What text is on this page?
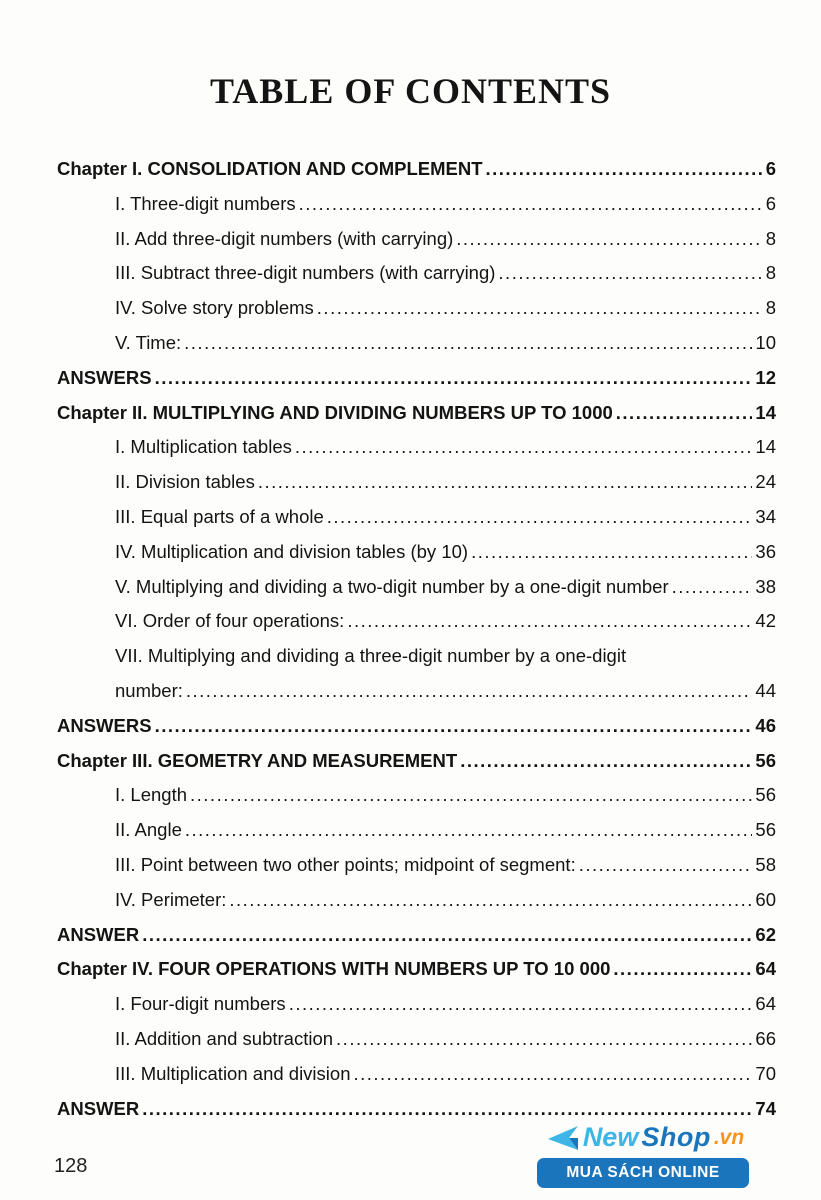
TABLE OF CONTENTS
Chapter I. CONSOLIDATION AND COMPLEMENT .....	6
I. Three-digit numbers .....	6
II. Add three-digit numbers (with carrying) .....	8
III. Subtract three-digit numbers (with carrying) .....	8
IV. Solve story problems .....	8
V. Time: .....	10
ANSWERS .....	12
Chapter II. MULTIPLYING AND DIVIDING NUMBERS UP TO 1000 .....	14
I. Multiplication tables .....	14
II. Division tables .....	24
III. Equal parts of a whole .....	34
IV. Multiplication and division tables (by 10) .....	36
V. Multiplying and dividing a two-digit number by a one-digit number .....	38
VI. Order of four operations: .....	42
VII. Multiplying and dividing a three-digit number by a one-digit
number: .....	44
ANSWERS .....	46
Chapter III. GEOMETRY AND MEASUREMENT .....	56
I. Length .....	56
II. Angle .....	56
III. Point between two other points; midpoint of segment: .....	58
IV. Perimeter: .....	60
ANSWER .....	62
Chapter IV. FOUR OPERATIONS WITH NUMBERS UP TO 10 000 .....	64
I. Four-digit numbers .....	64
II. Addition and subtraction .....	66
III. Multiplication and division .....	70
ANSWER .....	74
128
New Shop .vn
MUA SÁCH ONLINE
